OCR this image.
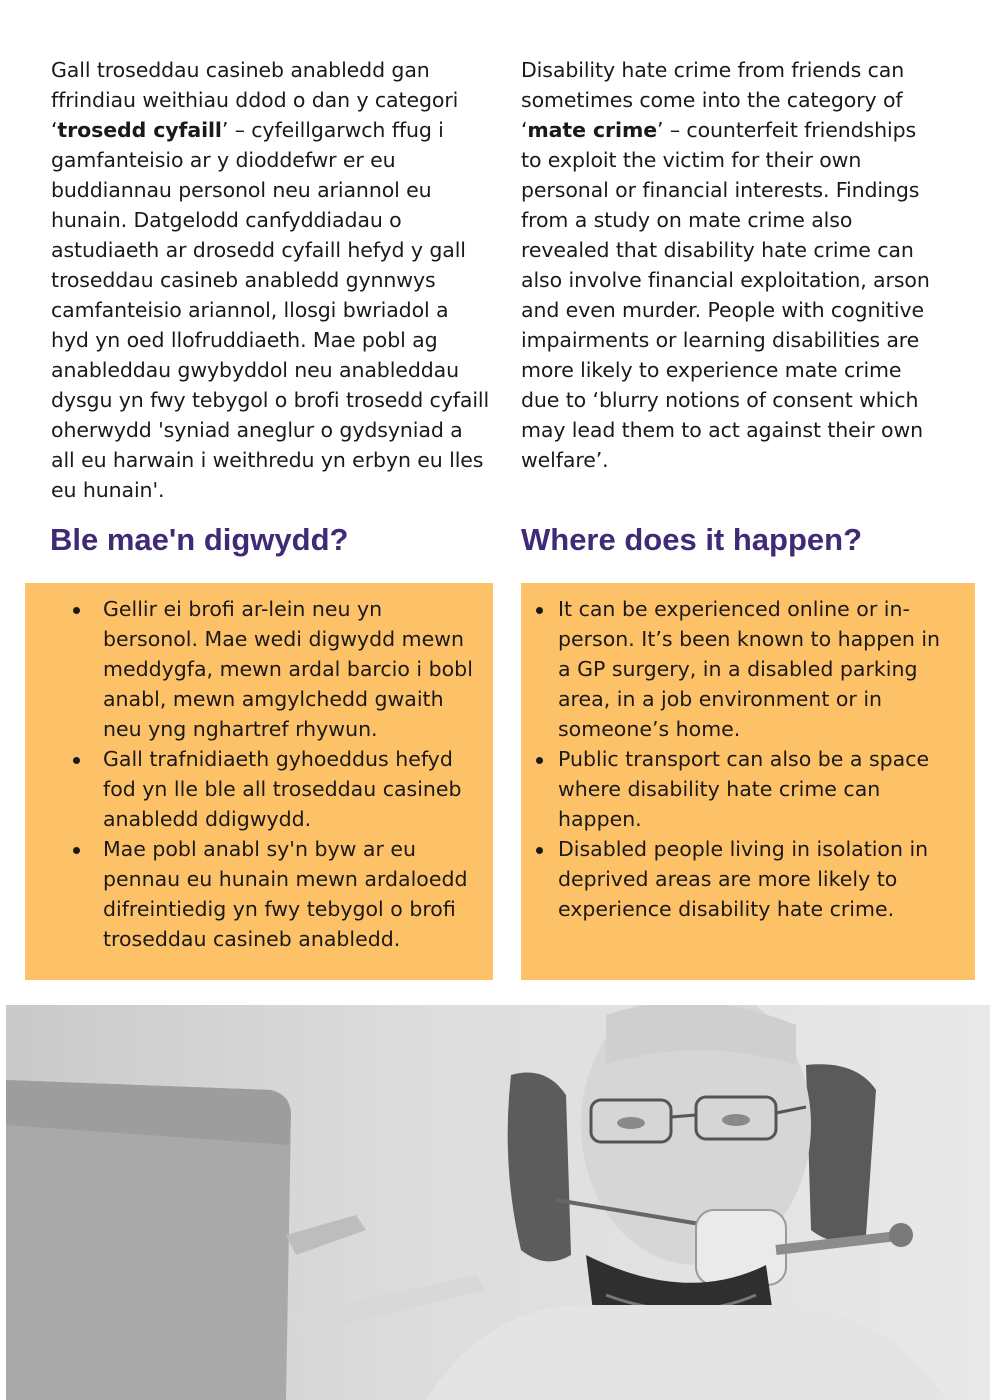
Gall troseddau casineb anabledd gan ffrindiau weithiau ddod o dan y categori ‘trosedd cyfaill’ – cyfeillgarwch ffug i gamfanteisio ar y dioddefwr er eu buddiannau personol neu ariannol eu hunain. Datgelodd canfyddiadau o astudiaeth ar drosedd cyfaill hefyd y gall troseddau casineb anabledd gynnwys camfanteisio ariannol, llosgi bwriadol a hyd yn oed llofruddiaeth. Mae pobl ag anableddau gwybyddol neu anableddau dysgu yn fwy tebygol o brofi trosedd cyfaill oherwydd 'syniad aneglur o gydsyniad a all eu harwain i weithredu yn erbyn eu lles eu hunain'.

Disability hate crime from friends can sometimes come into the category of ‘mate crime’ – counterfeit friendships to exploit the victim for their own personal or financial interests. Findings from a study on mate crime also revealed that disability hate crime can also involve financial exploitation, arson and even murder. People with cognitive impairments or learning disabilities are more likely to experience mate crime due to ‘blurry notions of consent which may lead them to act against their own welfare’.

Ble mae'n digwydd?	Where does it happen?
Gellir ei brofi ar-lein neu yn bersonol. Mae wedi digwydd mewn meddygfa, mewn ardal barcio i bobl anabl, mewn amgylchedd gwaith neu yng nghartref rhywun.
Gall trafnidiaeth gyhoeddus hefyd fod yn lle ble all troseddau casineb anabledd ddigwydd.
Mae pobl anabl sy'n byw ar eu pennau eu hunain mewn ardaloedd difreintiedig yn fwy tebygol o brofi troseddau casineb anabledd.
It can be experienced online or in-person. It’s been known to happen in a GP surgery, in a disabled parking area, in a job environment or in someone’s home.
Public transport can also be a space where disability hate crime can happen.
Disabled people living in isolation in deprived areas are more likely to experience disability hate crime.
